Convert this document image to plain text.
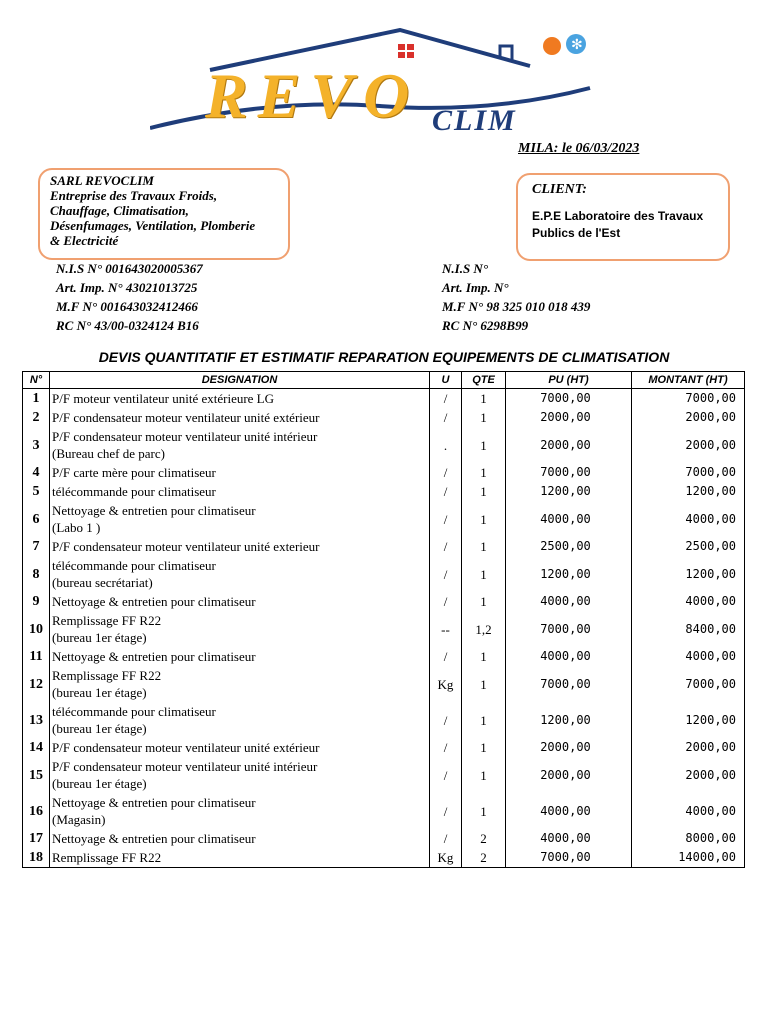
✻
REVO CLIM
MILA: le 06/03/2023
SARL REVOCLIM
Entreprise des Travaux Froids,
Chauffage, Climatisation,
Désenfumages, Ventilation, Plomberie
& Electricité
CLIENT:
E.P.E Laboratoire des Travaux
Publics de l'Est
N.I.S N° 001643020005367
Art. Imp. N° 43021013725
M.F N° 001643032412466
RC N° 43/00-0324124 B16
N.I.S N°
Art. Imp. N°
M.F N° 98 325 010 018 439
RC N° 6298B99
DEVIS QUANTITATIF ET ESTIMATIF REPARATION EQUIPEMENTS DE CLIMATISATION
N°	DESIGNATION	U	QTE	PU (HT)	MONTANT (HT)
1	P/F moteur ventilateur unité extérieure LG	/	1	7000,00	7000,00
2	P/F condensateur moteur ventilateur unité extérieur	/	1	2000,00	2000,00
3	P/F condensateur moteur ventilateur unité intérieur
(Bureau chef de parc)	.	1	2000,00	2000,00
4	P/F carte mère pour climatiseur	/	1	7000,00	7000,00
5	télécommande pour climatiseur	/	1	1200,00	1200,00
6	Nettoyage & entretien pour climatiseur
(Labo 1 )	/	1	4000,00	4000,00
7	P/F condensateur moteur ventilateur unité exterieur	/	1	2500,00	2500,00
8	télécommande pour climatiseur
(bureau secrétariat)	/	1	1200,00	1200,00
9	Nettoyage & entretien pour climatiseur	/	1	4000,00	4000,00
10	Remplissage FF R22
(bureau 1er étage)	--	1,2	7000,00	8400,00
11	Nettoyage & entretien pour climatiseur	/	1	4000,00	4000,00
12	Remplissage FF R22
(bureau 1er étage)	Kg	1	7000,00	7000,00
13	télécommande pour climatiseur
(bureau 1er étage)	/	1	1200,00	1200,00
14	P/F condensateur moteur ventilateur unité extérieur	/	1	2000,00	2000,00
15	P/F condensateur moteur ventilateur unité intérieur
(bureau 1er étage)	/	1	2000,00	2000,00
16	Nettoyage & entretien pour climatiseur
(Magasin)	/	1	4000,00	4000,00
17	Nettoyage & entretien pour climatiseur	/	2	4000,00	8000,00
18	Remplissage FF R22	Kg	2	7000,00	14000,00
